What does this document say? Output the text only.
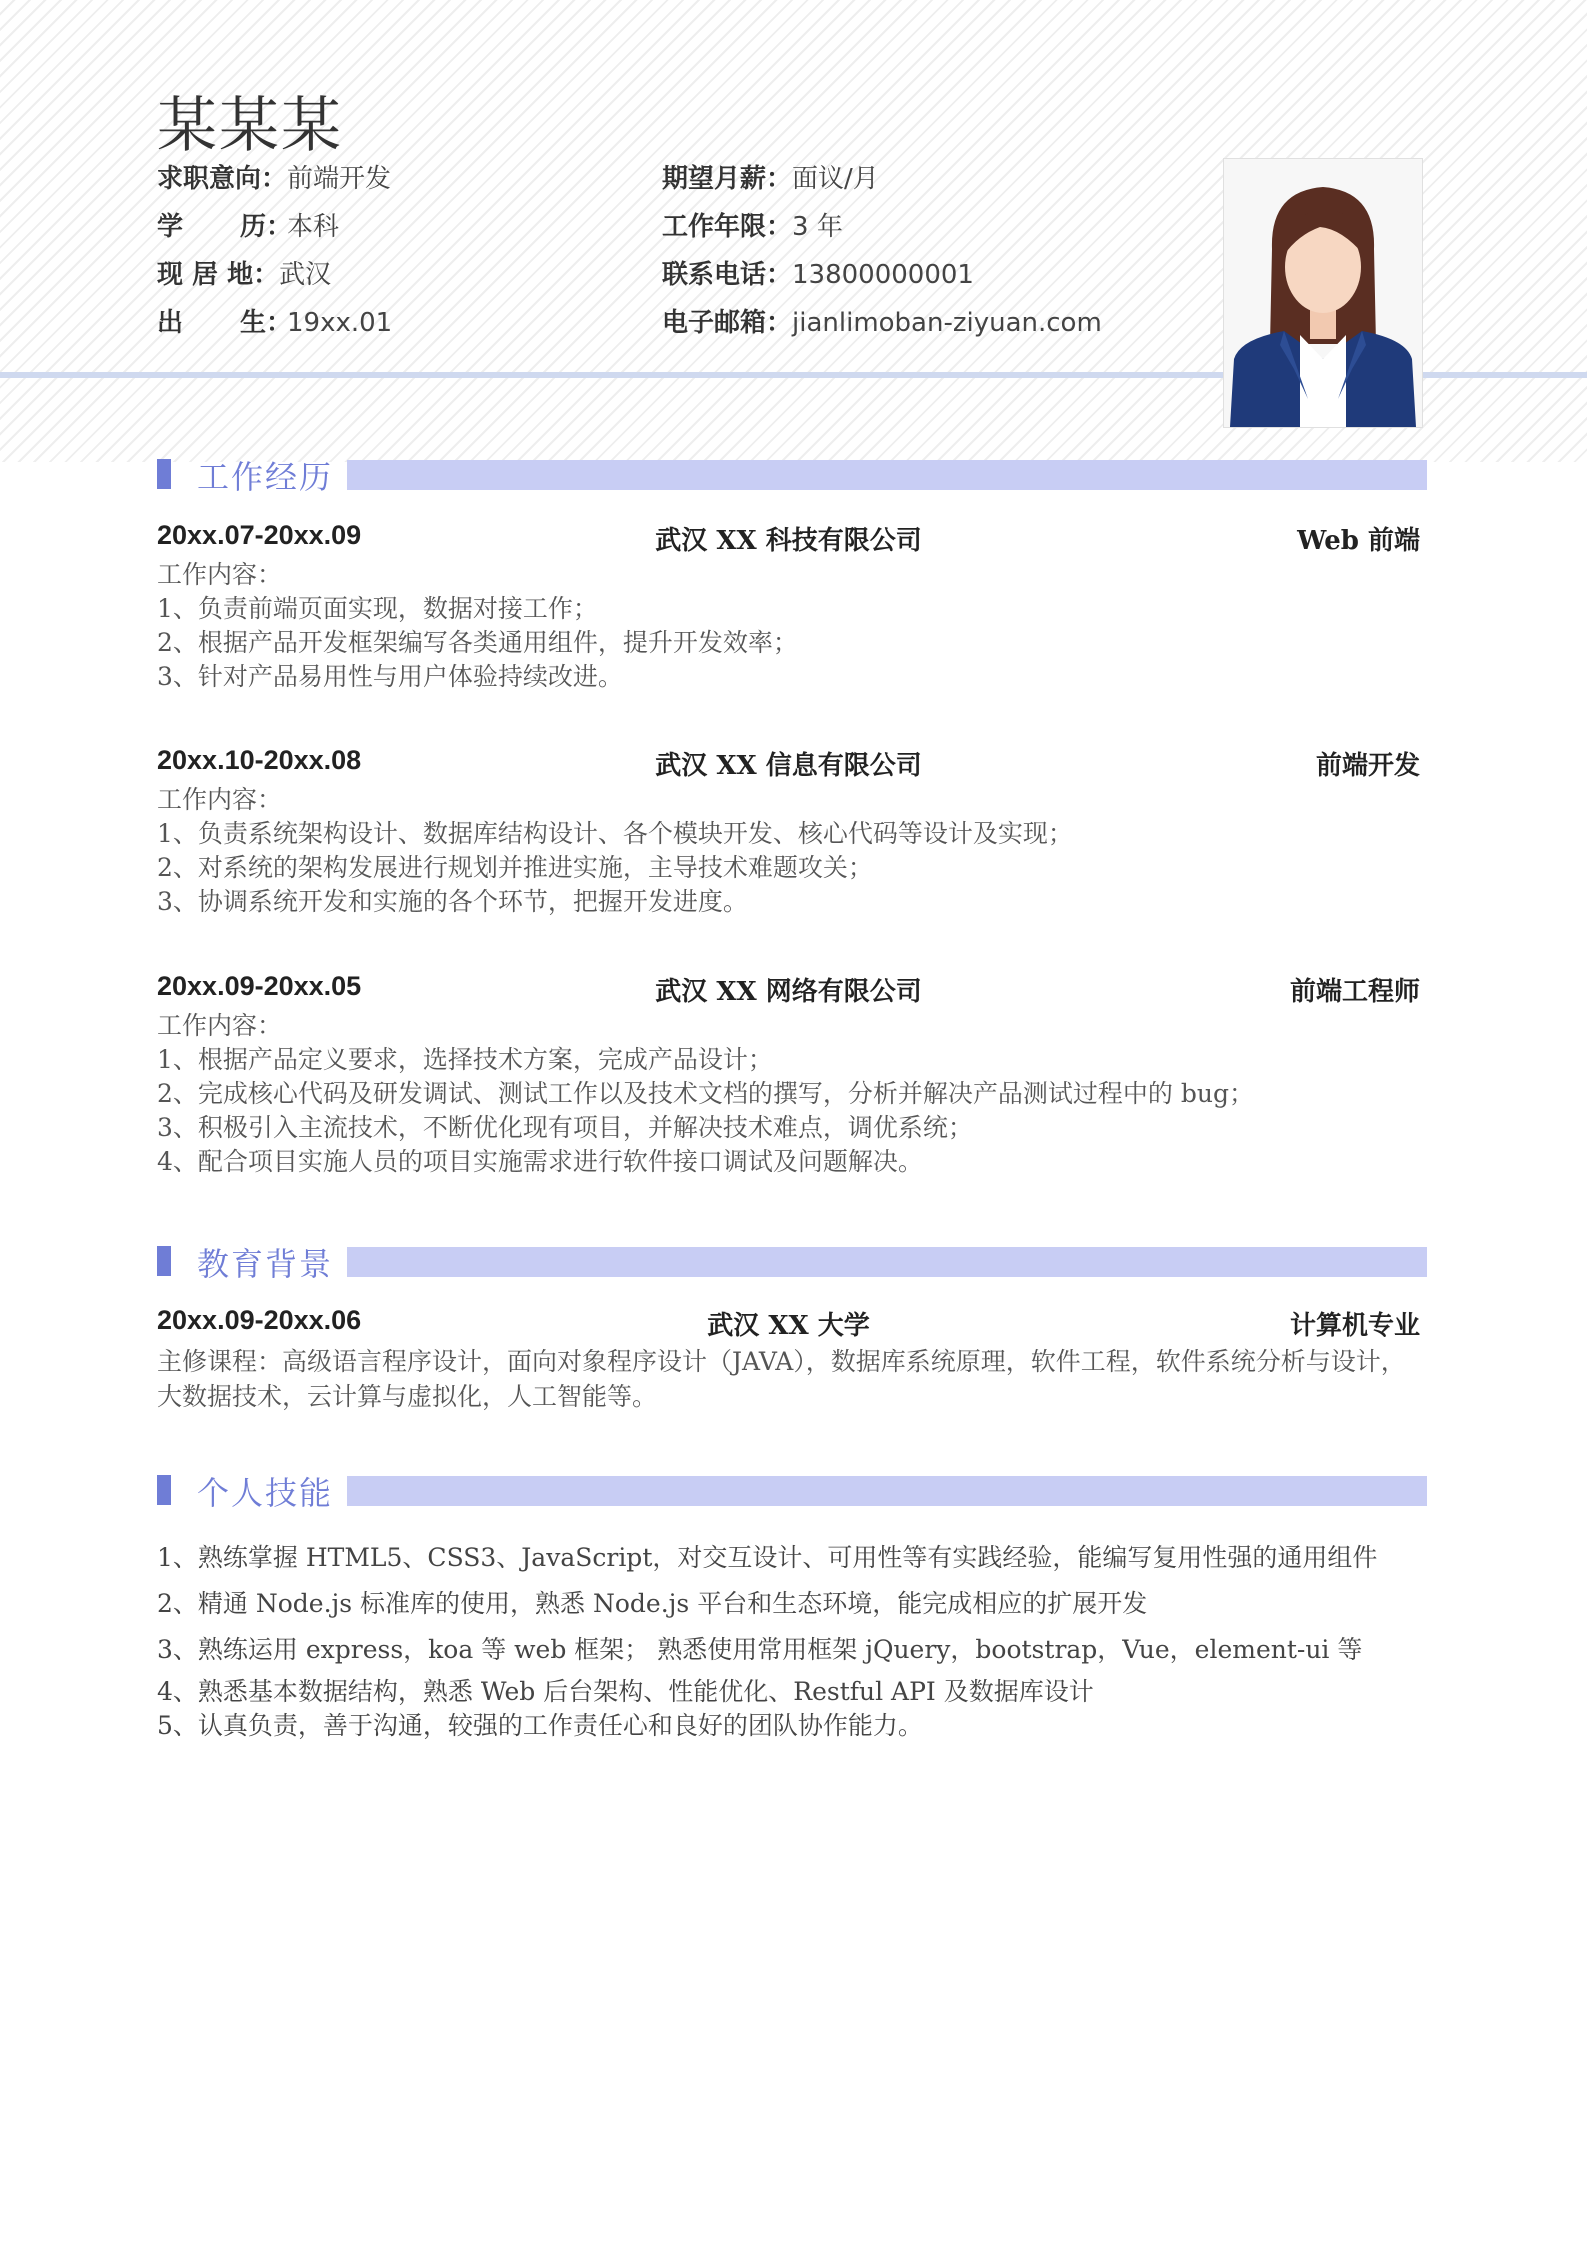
某某某
求职意向：前端开发	期望月薪：面议/月
学 历：本科	工作年限：3 年
现 居 地：武汉	联系电话：13800000001
出 生：19xx.01	电子邮箱：jianlimoban-ziyuan.com
工作经历
20xx.07-20xx.09	武汉 XX 科技有限公司	Web 前端
工作内容：
1、负责前端页面实现，数据对接工作；
2、根据产品开发框架编写各类通用组件，提升开发效率；
3、针对产品易用性与用户体验持续改进。
20xx.10-20xx.08	武汉 XX 信息有限公司	前端开发
工作内容：
1、负责系统架构设计、数据库结构设计、各个模块开发、核心代码等设计及实现；
2、对系统的架构发展进行规划并推进实施，主导技术难题攻关；
3、协调系统开发和实施的各个环节，把握开发进度。
20xx.09-20xx.05	武汉 XX 网络有限公司	前端工程师
工作内容：
1、根据产品定义要求，选择技术方案，完成产品设计；
2、完成核心代码及研发调试、测试工作以及技术文档的撰写，分析并解决产品测试过程中的 bug；
3、积极引入主流技术，不断优化现有项目，并解决技术难点，调优系统；
4、配合项目实施人员的项目实施需求进行软件接口调试及问题解决。
教育背景
20xx.09-20xx.06	武汉 XX 大学	计算机专业
主修课程：高级语言程序设计，面向对象程序设计（JAVA），数据库系统原理，软件工程，软件系统分析与设计，大数据技术，云计算与虚拟化，人工智能等。
个人技能
1、熟练掌握 HTML5、CSS3、JavaScript，对交互设计、可用性等有实践经验，能编写复用性强的通用组件
2、精通 Node.js 标准库的使用，熟悉 Node.js 平台和生态环境，能完成相应的扩展开发
3、熟练运用 express，koa 等 web 框架； 熟悉使用常用框架 jQuery，bootstrap，Vue，element-ui 等
4、熟悉基本数据结构，熟悉 Web 后台架构、性能优化、Restful API 及数据库设计
5、认真负责，善于沟通，较强的工作责任心和良好的团队协作能力。
